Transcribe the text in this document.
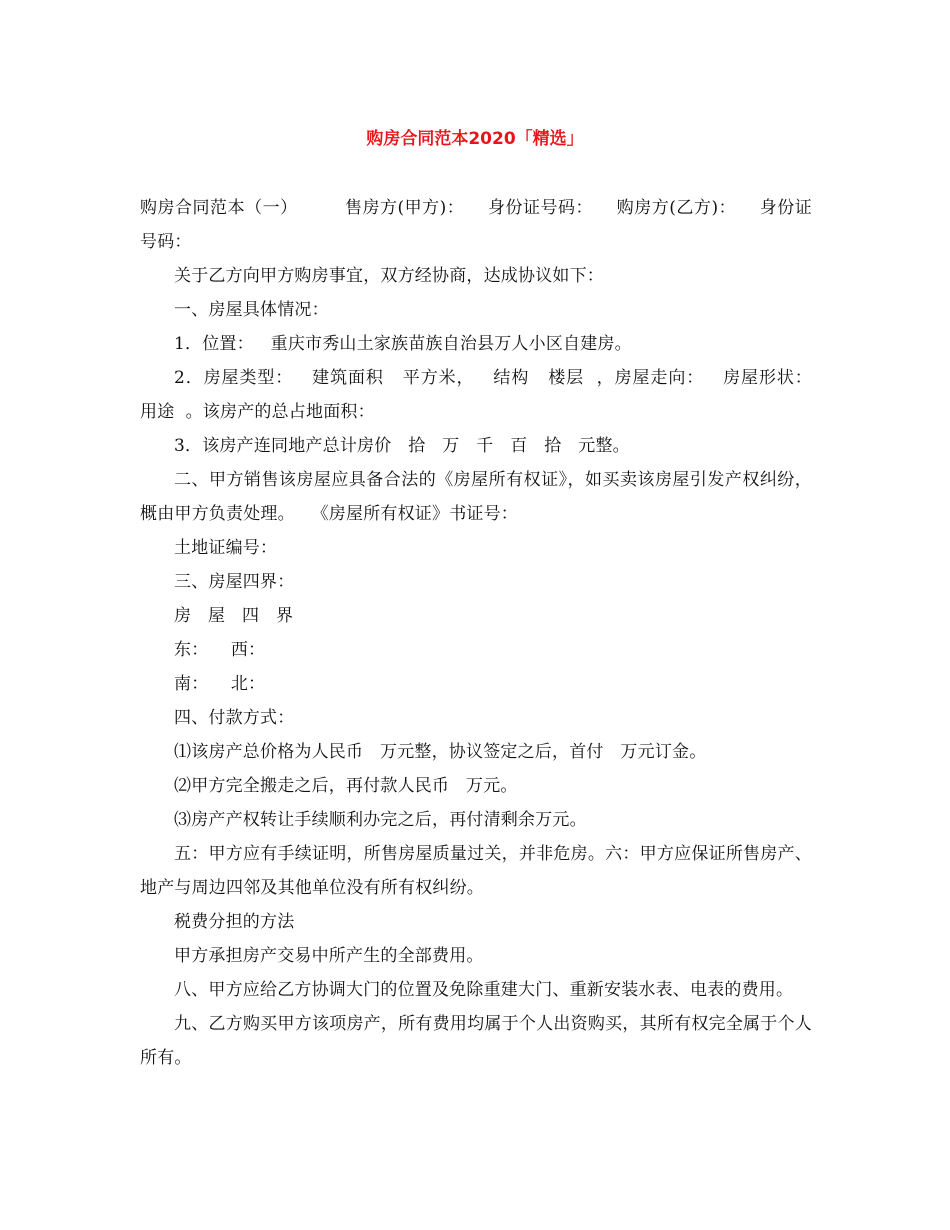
购房合同范本2020「精选」

购房合同范本（一）        售房方(甲方)：    身份证号码：    购房方(乙方)：    身份证号码：

关于乙方向甲方购房事宜，双方经协商，达成协议如下：

一、房屋具体情况：

1．位置：   重庆市秀山土家族苗族自治县万人小区自建房。

2．房屋类型：   建筑面积   平方米，   结构   楼层  ，房屋走向：   房屋形状：   用途  。该房产的总占地面积：

3．该房产连同地产总计房价   拾   万   千   百   拾   元整。

二、甲方销售该房屋应具备合法的《房屋所有权证》，如买卖该房屋引发产权纠纷，概由甲方负责处理。   《房屋所有权证》书证号：

土地证编号：

三、房屋四界：

房   屋   四   界

东：    西：

南：    北：

四、付款方式：

⑴该房产总价格为人民币   万元整，协议签定之后，首付   万元订金。

⑵甲方完全搬走之后，再付款人民币   万元。

⑶房产产权转让手续顺利办完之后，再付清剩余万元。

五：甲方应有手续证明，所售房屋质量过关，并非危房。六：甲方应保证所售房产、地产与周边四邻及其他单位没有所有权纠纷。

税费分担的方法

甲方承担房产交易中所产生的全部费用。

八、甲方应给乙方协调大门的位置及免除重建大门、重新安装水表、电表的费用。

九、乙方购买甲方该项房产，所有费用均属于个人出资购买，其所有权完全属于个人所有。
